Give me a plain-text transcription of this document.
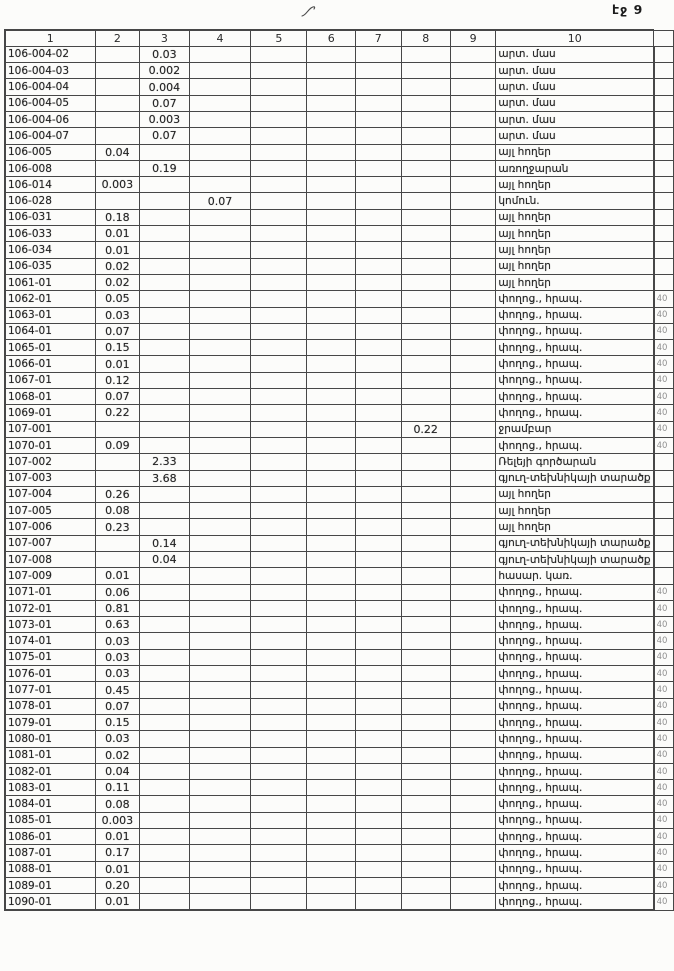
էջ 9
1	2	3	4	5	6	7	8	9	10	
106-004-02		0.03							արտ. մաս	
106-004-03		0.002							արտ. մաս	
106-004-04		0.004							արտ. մաս	
106-004-05		0.07							արտ. մաս	
106-004-06		0.003							արտ. մաս	
106-004-07		0.07							արտ. մաս	
106-005	0.04								այլ հողեր	
106-008		0.19							առողջարան	
106-014	0.003								այլ հողեր	
106-028			0.07						կոմուն.	
106-031	0.18								այլ հողեր	
106-033	0.01								այլ հողեր	
106-034	0.01								այլ հողեր	
106-035	0.02								այլ հողեր	
1061-01	0.02								այլ հողեր	
1062-01	0.05								փողոց., հրապ.	40
1063-01	0.03								փողոց., հրապ.	40
1064-01	0.07								փողոց., հրապ.	40
1065-01	0.15								փողոց., հրապ.	40
1066-01	0.01								փողոց., հրապ.	40
1067-01	0.12								փողոց., հրապ.	40
1068-01	0.07								փողոց., հրապ.	40
1069-01	0.22								փողոց., հրապ.	40
107-001							0.22		ջրամբար	40
1070-01	0.09								փողոց., հրապ.	40
107-002		2.33							Ռելեյի գործարան	
107-003		3.68							գյուղ-տեխնիկայի տարածք	
107-004	0.26								այլ հողեր	
107-005	0.08								այլ հողեր	
107-006	0.23								այլ հողեր	
107-007		0.14							գյուղ-տեխնիկայի տարածք	
107-008		0.04							գյուղ-տեխնիկայի տարածք	
107-009	0.01								հասար. կառ.	
1071-01	0.06								փողոց., հրապ.	40
1072-01	0.81								փողոց., հրապ.	40
1073-01	0.63								փողոց., հրապ.	40
1074-01	0.03								փողոց., հրապ.	40
1075-01	0.03								փողոց., հրապ.	40
1076-01	0.03								փողոց., հրապ.	40
1077-01	0.45								փողոց., հրապ.	40
1078-01	0.07								փողոց., հրապ.	40
1079-01	0.15								փողոց., հրապ.	40
1080-01	0.03								փողոց., հրապ.	40
1081-01	0.02								փողոց., հրապ.	40
1082-01	0.04								փողոց., հրապ.	40
1083-01	0.11								փողոց., հրապ.	40
1084-01	0.08								փողոց., հրապ.	40
1085-01	0.003								փողոց., հրապ.	40
1086-01	0.01								փողոց., հրապ.	40
1087-01	0.17								փողոց., հրապ.	40
1088-01	0.01								փողոց., հրապ.	40
1089-01	0.20								փողոց., հրապ.	40
1090-01	0.01								փողոց., հրապ.	40
